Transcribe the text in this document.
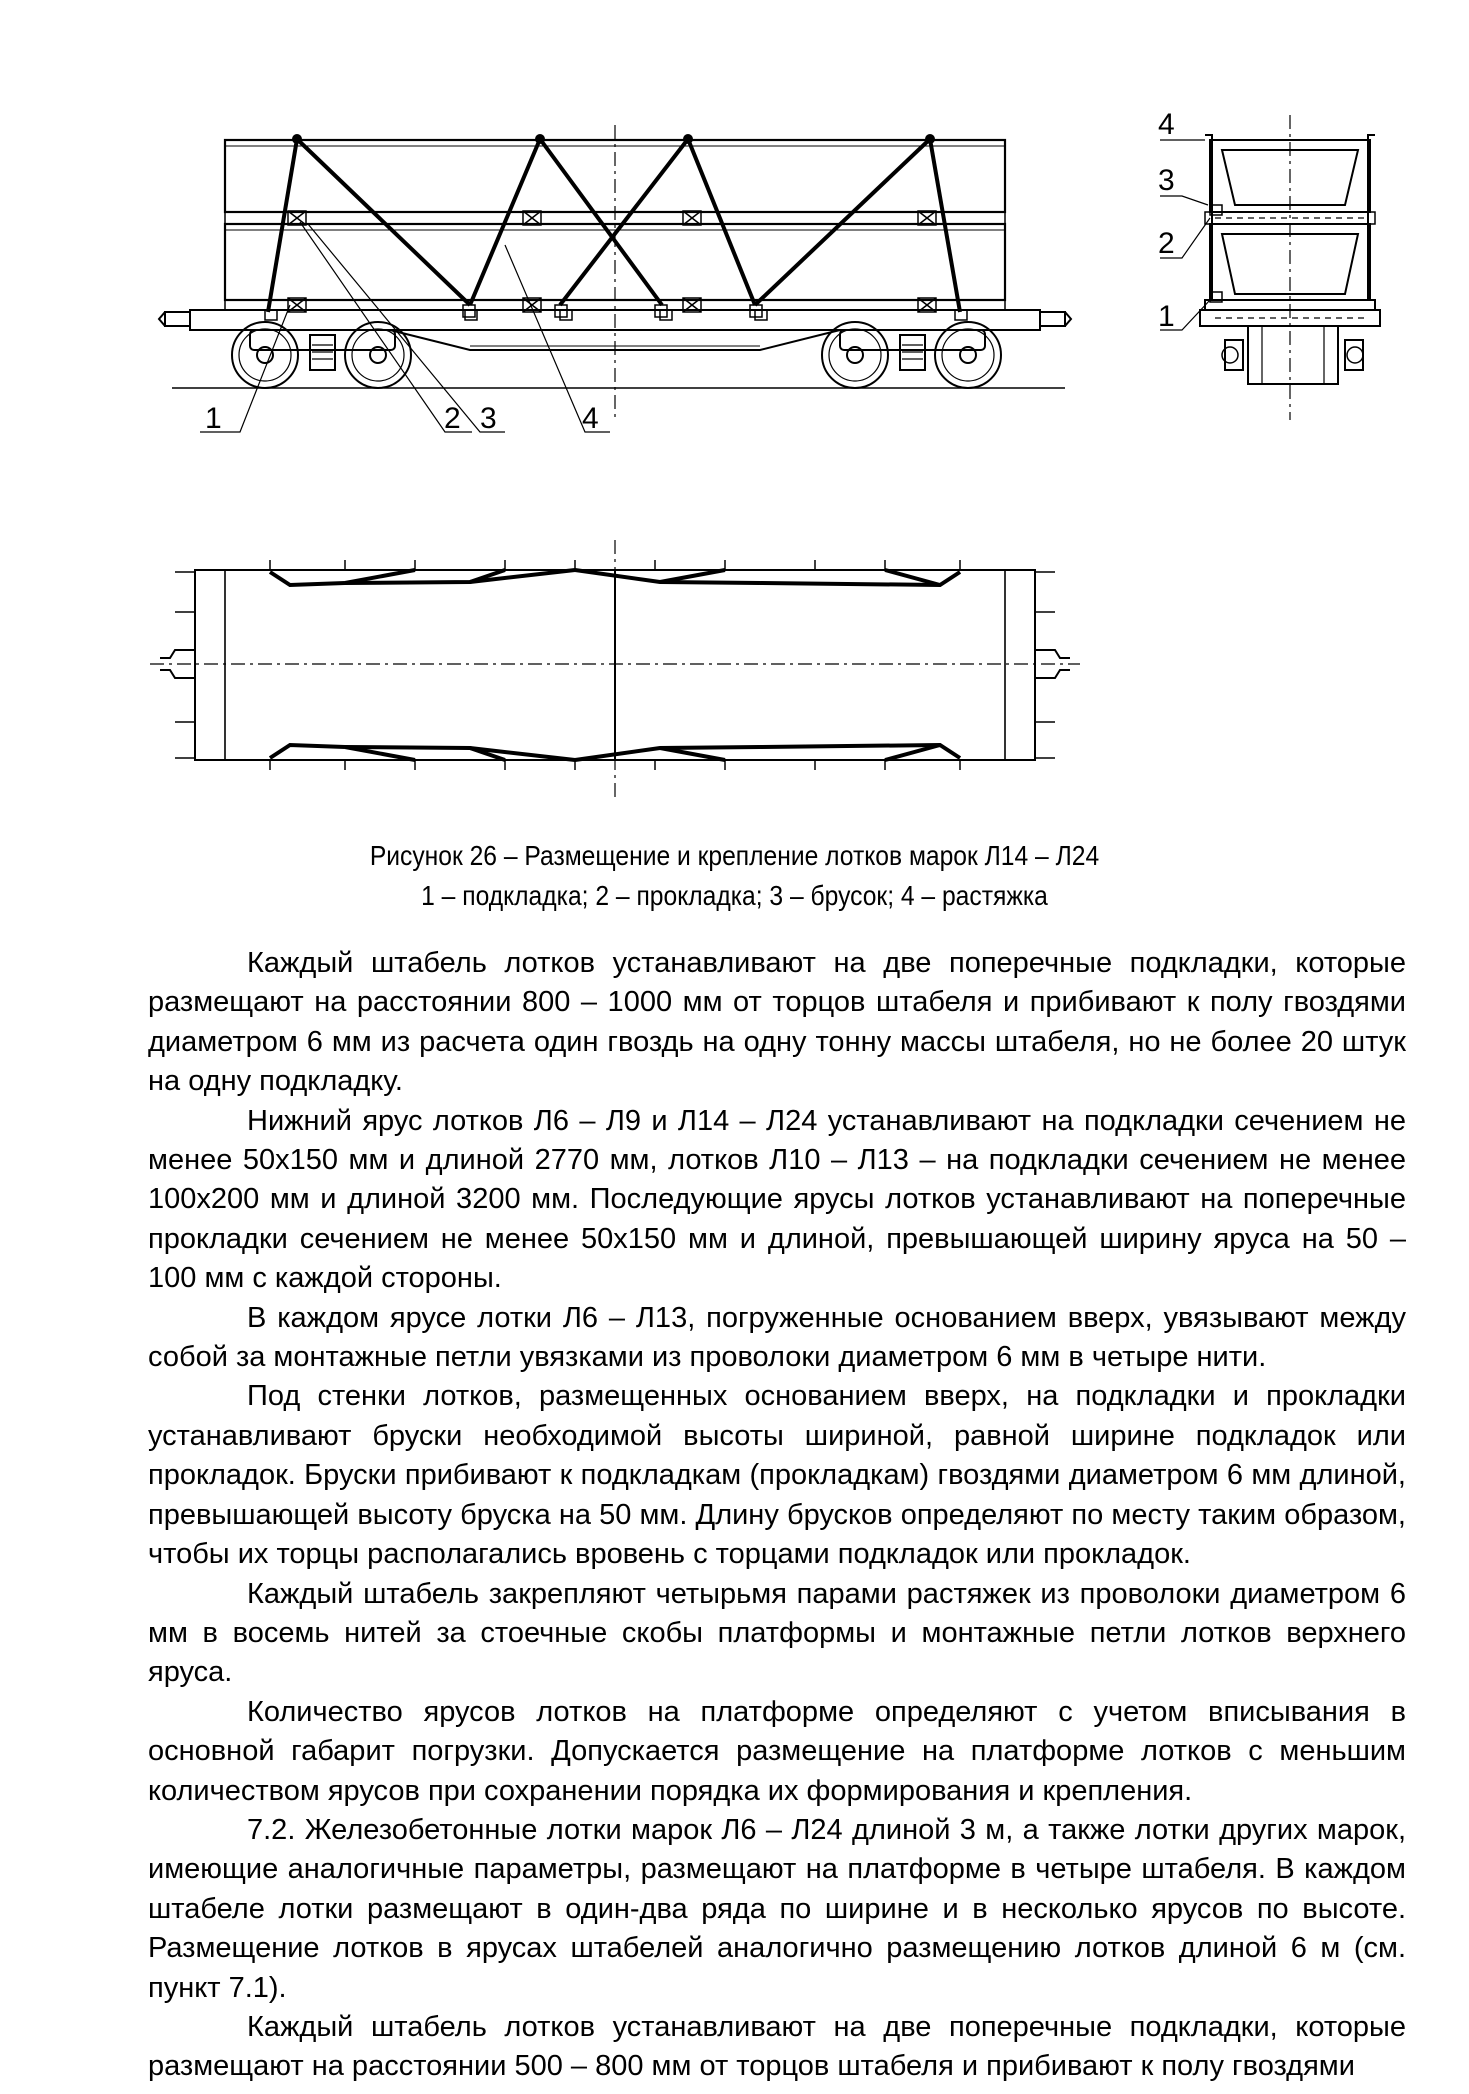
1	2 3	4
4
3
2
1
Рисунок 26 – Размещение и крепление лотков марок Л14 – Л24
1 – подкладка; 2 – прокладка; 3 – брусок; 4 – растяжка

Каждый штабель лотков устанавливают на две поперечные подкладки, которые размещают на расстоянии 800 – 1000 мм от торцов штабеля и прибивают к полу гвоздями диаметром 6 мм из расчета один гвоздь на одну тонну массы штабеля, но не более 20 штук на одну подкладку.

Нижний ярус лотков Л6 – Л9 и Л14 – Л24 устанавливают на подкладки сечением не менее 50х150 мм и длиной 2770 мм, лотков Л10 – Л13 – на подкладки сечением не менее 100х200 мм и длиной 3200 мм. Последующие ярусы лотков устанавливают на поперечные прокладки сечением не менее 50х150 мм и длиной, превышающей ширину яруса на 50 – 100 мм с каждой стороны.

В каждом ярусе лотки Л6 – Л13, погруженные основанием вверх, увязывают между собой за монтажные петли увязками из проволоки диаметром 6 мм в четыре нити.

Под стенки лотков, размещенных основанием вверх, на подкладки и прокладки устанавливают бруски необходимой высоты шириной, равной ширине подкладок или прокладок. Бруски прибивают к подкладкам (прокладкам) гвоздями диаметром 6 мм длиной, превышающей высоту бруска на 50 мм. Длину брусков определяют по месту таким образом, чтобы их торцы располагались вровень с торцами подкладок или прокладок.

Каждый штабель закрепляют четырьмя парами растяжек из проволоки диаметром 6 мм в восемь нитей за стоечные скобы платформы и монтажные петли лотков верхнего яруса.

Количество ярусов лотков на платформе определяют с учетом вписывания в основной габарит погрузки. Допускается размещение на платформе лотков с меньшим количеством ярусов при сохранении порядка их формирования и крепления.

7.2. Железобетонные лотки марок Л6 – Л24 длиной 3 м, а также лотки других марок, имеющие аналогичные параметры, размещают на платформе в четыре штабеля. В каждом штабеле лотки размещают в один-два ряда по ширине и в несколько ярусов по высоте. Размещение лотков в ярусах штабелей аналогично размещению лотков длиной 6 м (см. пункт 7.1).

Каждый штабель лотков устанавливают на две поперечные подкладки, которые размещают на расстоянии 500 – 800 мм от торцов штабеля и прибивают к полу гвоздями
